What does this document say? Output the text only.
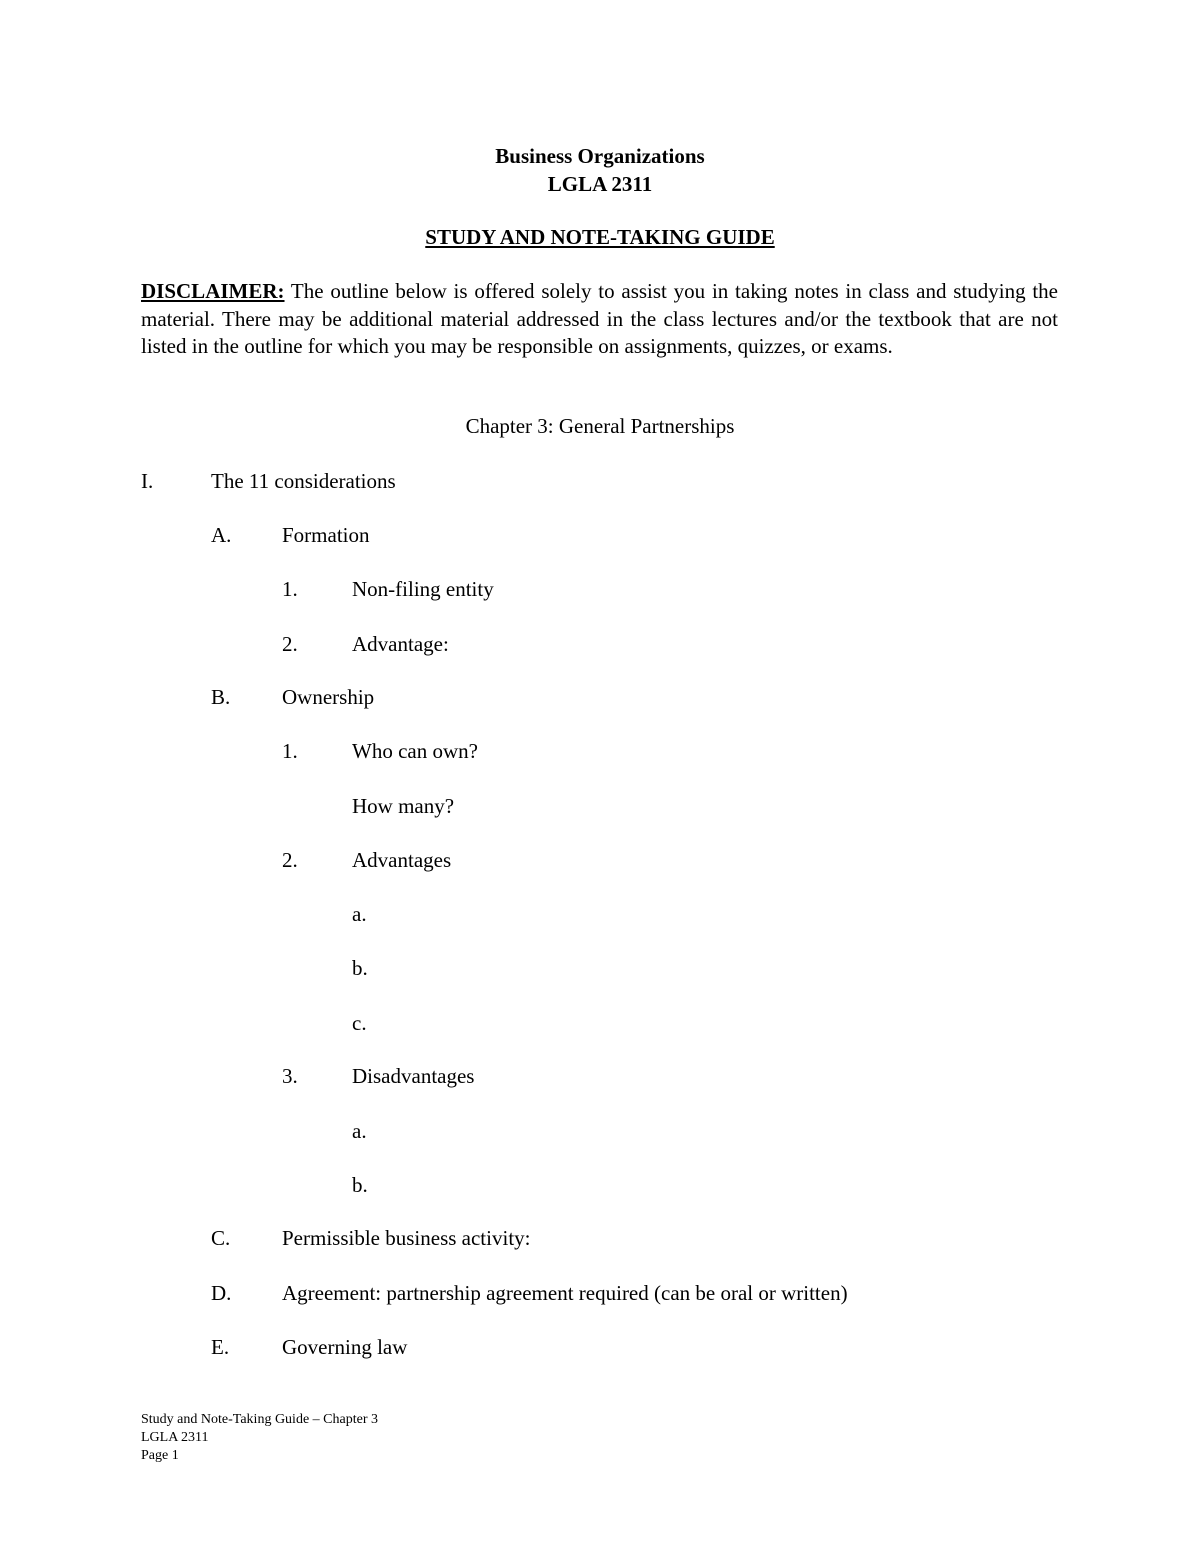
Business Organizations
LGLA 2311
STUDY AND NOTE-TAKING GUIDE
DISCLAIMER: The outline below is offered solely to assist you in taking notes in class and studying the material. There may be additional material addressed in the class lectures and/or the textbook that are not listed in the outline for which you may be responsible on assignments, quizzes, or exams.
Chapter 3: General Partnerships
I.	The 11 considerations
A. Formation
1.	Non-filing entity
2.	Advantage:
B. Ownership
1.	Who can own?
How many?
2.	Advantages
a.
b.
c.
3.	Disadvantages
a.
b.
C. Permissible business activity:
D. Agreement: partnership agreement required (can be oral or written)
E.	Governing law
Study and Note-Taking Guide – Chapter 3
LGLA 2311
Page 1
